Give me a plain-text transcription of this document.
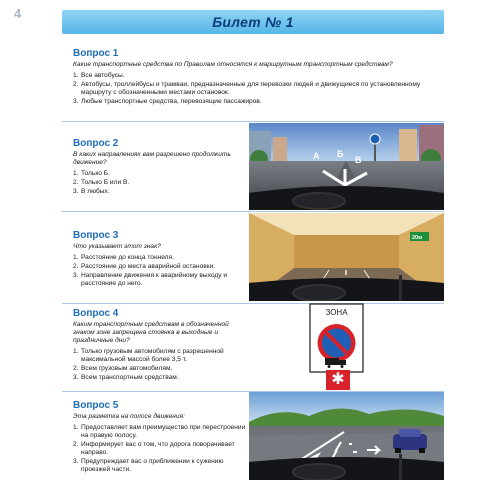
4
Билет № 1
Вопрос 1
Какие транспортные средства по Правилам относятся к маршрутным транспортным средствам?
1. Все автобусы.
2. Автобусы, троллейбусы и трамваи, предназначенные для перевозки людей и движущиеся по установленному маршруту с обозначенными местами остановок.
3. Любые транспортные средства, перевозящие пассажиров.
Вопрос 2
В каких направлениях вам разрешено продолжить движение?
1. Только Б.
2. Только Б или В.
3. В любых.
А Б
В
Вопрос 3
Что указывает этот знак?
1. Расстояние до конца тоннеля.
2. Расстояние до места аварийной остановки.
3. Направление движения к аварийному выходу и расстояние до него.
20м
Вопрос 4
Каким транспортным средствам в обозначенной знаком зоне запрещена стоянка в выходные и праздничные дни?
1. Только грузовым автомобилям с разрешенной максимальной массой более 3,5 т.
2. Всем грузовым автомобилям.
3. Всем транспортным средствам.
ЗОНА
✱
Вопрос 5
Эта разметка на полосе движения:
1. Предоставляет вам преимущество при перестроении на правую полосу.
2. Информирует вас о том, что дорога поворачивает направо.
3. Предупреждает вас о приближении к сужению проезжей части.
